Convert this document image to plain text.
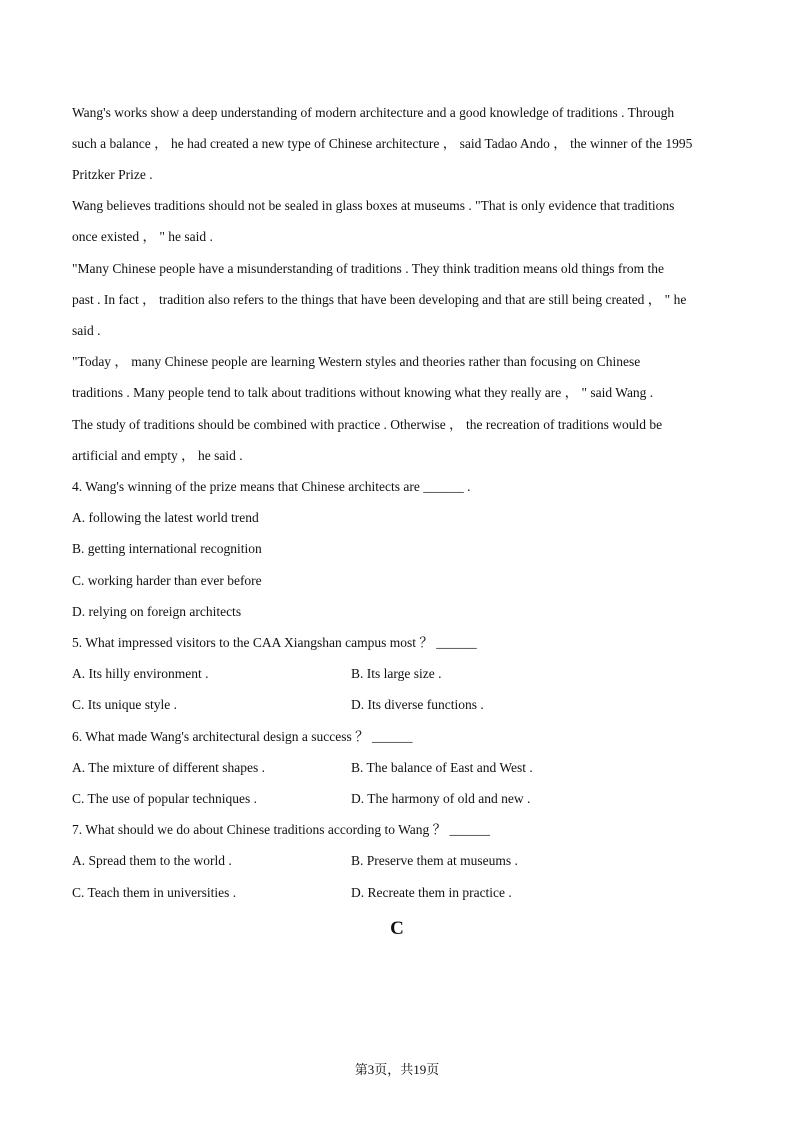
Wang's works show a deep understanding of modern architecture and a good knowledge of traditions . Through
such a balance ， he had created a new type of Chinese architecture ， said Tadao Ando ， the winner of the 1995
Pritzker Prize .
Wang believes traditions should not be sealed in glass boxes at museums . "That is only evidence that traditions
once existed ， " he said .
"Many Chinese people have a misunderstanding of traditions . They think tradition means old things from the
past . In fact ， tradition also refers to the things that have been developing and that are still being created ， " he
said .
"Today ， many Chinese people are learning Western styles and theories rather than focusing on Chinese
traditions . Many people tend to talk about traditions without knowing what they really are ， " said Wang .
The study of traditions should be combined with practice . Otherwise ， the recreation of traditions would be
artificial and empty ， he said .
4. Wang's winning of the prize means that Chinese architects are ______ .
A. following the latest world trend
B. getting international recognition
C. working harder than ever before
D. relying on foreign architects
5. What impressed visitors to the CAA Xiangshan campus most ？ ______
A. Its hilly environment .	B. Its large size .
C. Its unique style .	D. Its diverse functions .
6. What made Wang's architectural design a success ？ ______
A. The mixture of different shapes .	B. The balance of East and West .
C. The use of popular techniques .	D. The harmony of old and new .
7. What should we do about Chinese traditions according to Wang ？ ______
A. Spread them to the world .	B. Preserve them at museums .
C. Teach them in universities .	D. Recreate them in practice .
C
第3页，共19页
